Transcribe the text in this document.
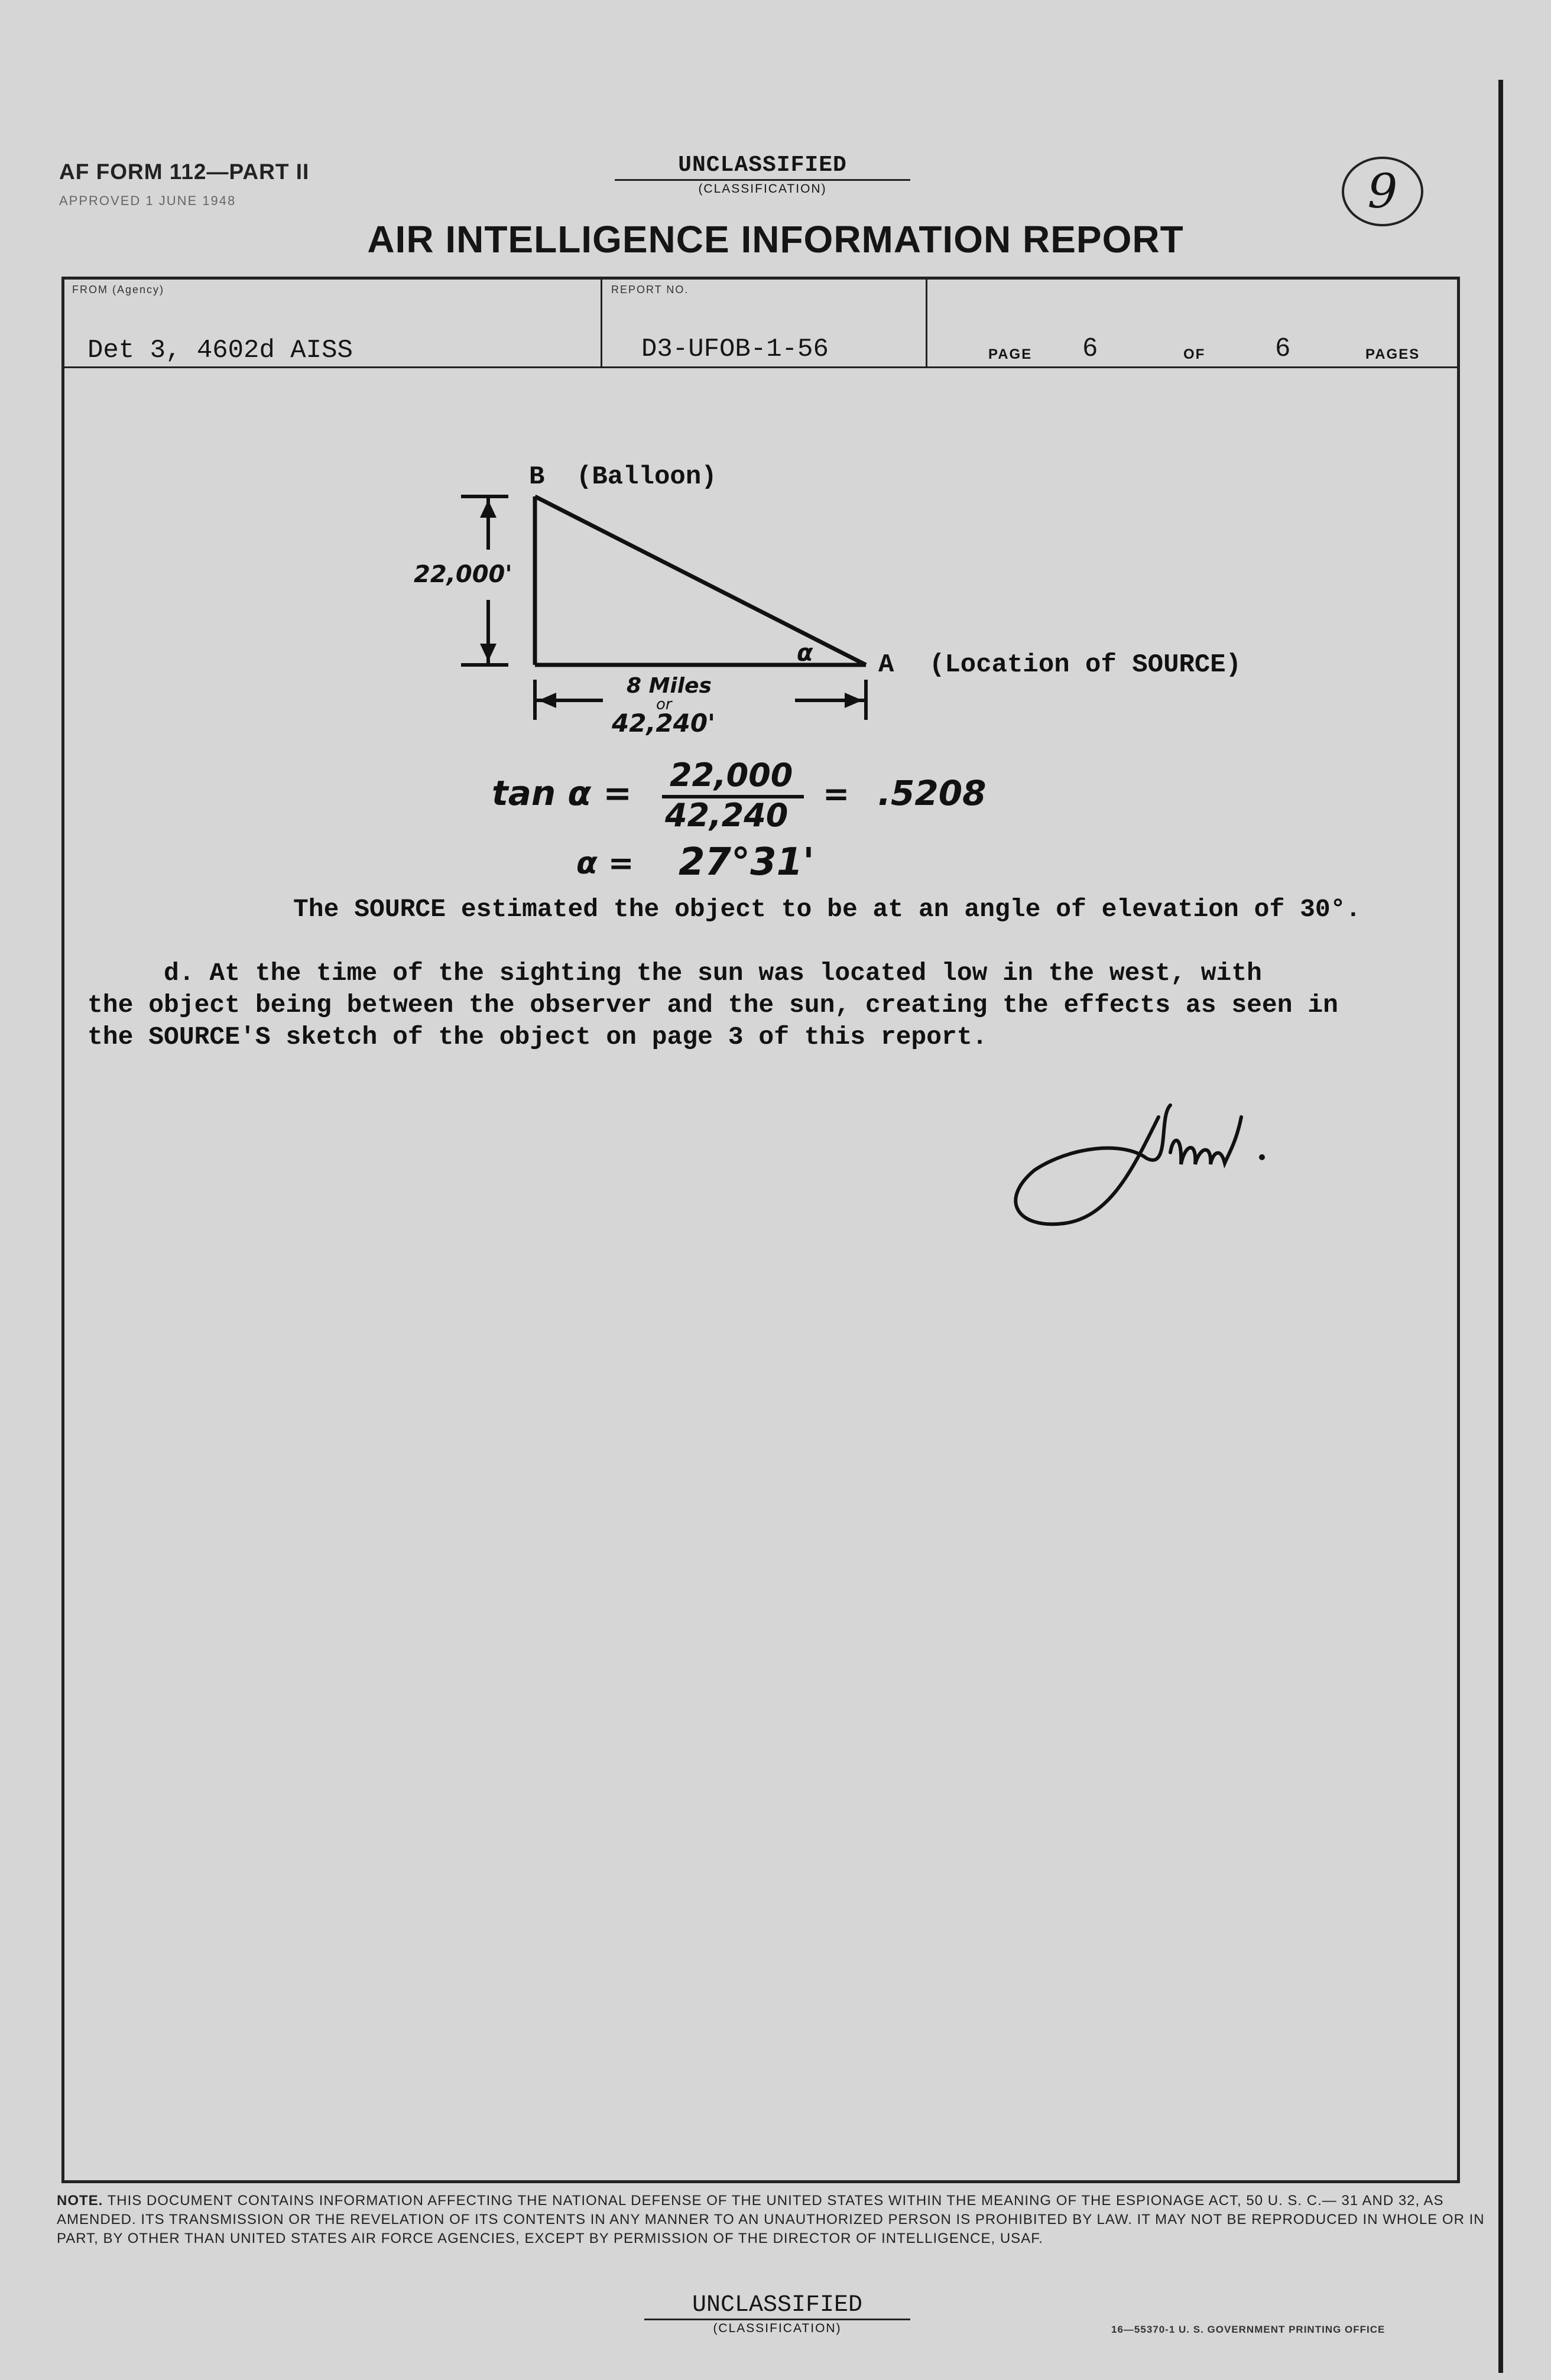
AF FORM 112—PART II
APPROVED 1 JUNE 1948
UNCLASSIFIED
(CLASSIFICATION)	9
AIR INTELLIGENCE INFORMATION REPORT
FROM (Agency)
Det 3, 4602d AISS
REPORT NO.
D3-UFOB-1-56	PAGE 6	OF	6	PAGES
B (Balloon)
A (Location of SOURCE)
22,000'
α
8 Miles
or
42,240'
tan α = 22,000
42,240
= .5208
α = 27°31'
The SOURCE estimated the object to be at an angle of elevation of 30°.
d. At the time of the sighting the sun was located low in the west, with
the object being between the observer and the sun, creating the effects as seen in
the SOURCE'S sketch of the object on page 3 of this report.
NOTE. THIS DOCUMENT CONTAINS INFORMATION AFFECTING THE NATIONAL DEFENSE OF THE UNITED STATES WITHIN THE MEANING OF THE ESPIONAGE ACT, 50 U. S. C.— 31 AND 32, AS AMENDED. ITS TRANSMISSION OR THE REVELATION OF ITS CONTENTS IN ANY MANNER TO AN UNAUTHORIZED PERSON IS PROHIBITED BY LAW. IT MAY NOT BE REPRODUCED IN WHOLE OR IN PART, BY OTHER THAN UNITED STATES AIR FORCE AGENCIES, EXCEPT BY PERMISSION OF THE DIRECTOR OF INTELLIGENCE, USAF.
UNCLASSIFIED
(CLASSIFICATION)	16—55370-1 U. S. GOVERNMENT PRINTING OFFICE
